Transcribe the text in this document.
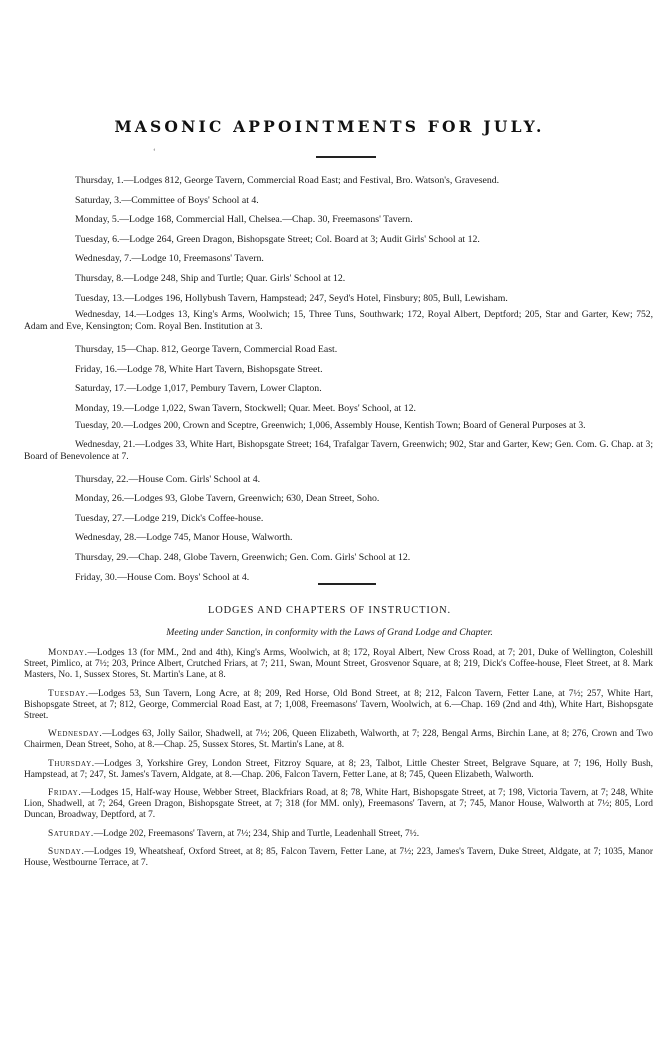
MASONIC APPOINTMENTS FOR JULY.
‘
Thursday, 1.—Lodges 812, George Tavern, Commercial Road East; and Festival, Bro. Watson's, Gravesend.
Saturday, 3.—Committee of Boys' School at 4.
Monday, 5.—Lodge 168, Commercial Hall, Chelsea.—Chap. 30, Freemasons' Tavern.
Tuesday, 6.—Lodge 264, Green Dragon, Bishopsgate Street; Col. Board at 3; Audit Girls' School at 12.
Wednesday, 7.—Lodge 10, Freemasons' Tavern.
Thursday, 8.—Lodge 248, Ship and Turtle; Quar. Girls' School at 12.
Tuesday, 13.—Lodges 196, Hollybush Tavern, Hampstead; 247, Seyd's Hotel, Finsbury; 805, Bull, Lewisham.
Wednesday, 14.—Lodges 13, King's Arms, Woolwich; 15, Three Tuns, Southwark; 172, Royal Albert, Deptford; 205, Star and Garter, Kew; 752, Adam and Eve, Kensington; Com. Royal Ben. Institution at 3.
Thursday, 15—Chap. 812, George Tavern, Commercial Road East.
Friday, 16.—Lodge 78, White Hart Tavern, Bishopsgate Street.
Saturday, 17.—Lodge 1,017, Pembury Tavern, Lower Clapton.
Monday, 19.—Lodge 1,022, Swan Tavern, Stockwell; Quar. Meet. Boys' School, at 12.
Tuesday, 20.—Lodges 200, Crown and Sceptre, Greenwich; 1,006, Assembly House, Kentish Town; Board of General Purposes at 3.
Wednesday, 21.—Lodges 33, White Hart, Bishopsgate Street; 164, Trafalgar Tavern, Greenwich; 902, Star and Garter, Kew; Gen. Com. G. Chap. at 3; Board of Benevolence at 7.
Thursday, 22.—House Com. Girls' School at 4.
Monday, 26.—Lodges 93, Globe Tavern, Greenwich; 630, Dean Street, Soho.
Tuesday, 27.—Lodge 219, Dick's Coffee-house.
Wednesday, 28.—Lodge 745, Manor House, Walworth.
Thursday, 29.—Chap. 248, Globe Tavern, Greenwich; Gen. Com. Girls' School at 12.
Friday, 30.—House Com. Boys' School at 4.
LODGES AND CHAPTERS OF INSTRUCTION.
Meeting under Sanction, in conformity with the Laws of Grand Lodge and Chapter.

Monday.—Lodges 13 (for MM., 2nd and 4th), King's Arms, Woolwich, at 8; 172, Royal Albert, New Cross Road, at 7; 201, Duke of Wellington, Coleshill Street, Pimlico, at 7½; 203, Prince Albert, Crutched Friars, at 7; 211, Swan, Mount Street, Grosvenor Square, at 8; 219, Dick's Coffee-house, Fleet Street, at 8. Mark Masters, No. 1, Sussex Stores, St. Martin's Lane, at 8.

Tuesday.—Lodges 53, Sun Tavern, Long Acre, at 8; 209, Red Horse, Old Bond Street, at 8; 212, Falcon Tavern, Fetter Lane, at 7½; 257, White Hart, Bishopsgate Street, at 7; 812, George, Commercial Road East, at 7; 1,008, Freemasons' Tavern, Woolwich, at 6.—Chap. 169 (2nd and 4th), White Hart, Bishopsgate Street.

Wednesday.—Lodges 63, Jolly Sailor, Shadwell, at 7½; 206, Queen Elizabeth, Walworth, at 7; 228, Bengal Arms, Birchin Lane, at 8; 276, Crown and Two Chairmen, Dean Street, Soho, at 8.—Chap. 25, Sussex Stores, St. Martin's Lane, at 8.

Thursday.—Lodges 3, Yorkshire Grey, London Street, Fitzroy Square, at 8; 23, Talbot, Little Chester Street, Belgrave Square, at 7; 196, Holly Bush, Hampstead, at 7; 247, St. James's Tavern, Aldgate, at 8.—Chap. 206, Falcon Tavern, Fetter Lane, at 8; 745, Queen Elizabeth, Walworth.

Friday.—Lodges 15, Half-way House, Webber Street, Blackfriars Road, at 8; 78, White Hart, Bishopsgate Street, at 7; 198, Victoria Tavern, at 7; 248, White Lion, Shadwell, at 7; 264, Green Dragon, Bishopsgate Street, at 7; 318 (for MM. only), Freemasons' Tavern, at 7; 745, Manor House, Walworth at 7½; 805, Lord Duncan, Broadway, Deptford, at 7.

Saturday.—Lodge 202, Freemasons' Tavern, at 7½; 234, Ship and Turtle, Leadenhall Street, 7½.

Sunday.—Lodges 19, Wheatsheaf, Oxford Street, at 8; 85, Falcon Tavern, Fetter Lane, at 7½; 223, James's Tavern, Duke Street, Aldgate, at 7; 1035, Manor House, Westbourne Terrace, at 7.
